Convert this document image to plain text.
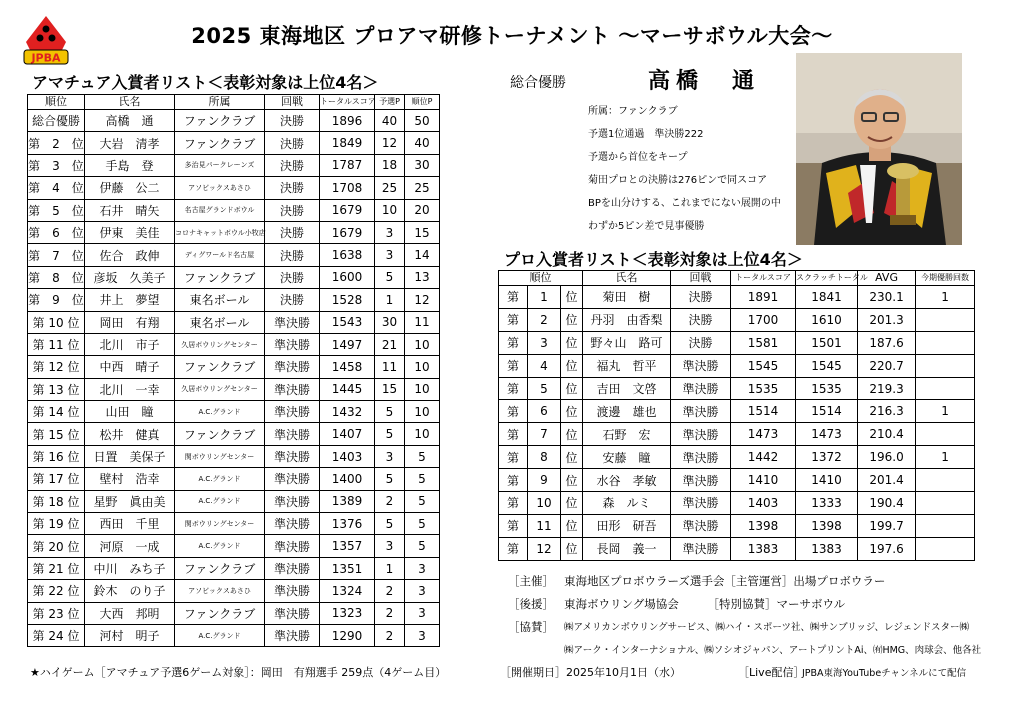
JPBA
2025 東海地区 プロアマ研修トーナメント ～マーサボウル大会～
アマチュア入賞者リスト＜表彰対象は上位4名＞
順位	氏名	所属	回戦	トータルスコア	予選P	順位P
総合優勝	高橋　通	ファンクラブ	決勝	1896	40	50
第　2　位	大岩　清孝	ファンクラブ	決勝	1849	12	40
第　3　位	手島　登	多治見パークレーンズ	決勝	1787	18	30
第　4　位	伊藤　公二	アソビックスあさひ	決勝	1708	25	25
第　5　位	石井　晴矢	名古屋グランドボウル	決勝	1679	10	20
第　6　位	伊東　美佳	コロナキャットボウル小牧店	決勝	1679	3	15
第　7　位	佐合　政伸	ディグワールド名古屋	決勝	1638	3	14
第　8　位	彦坂　久美子	ファンクラブ	決勝	1600	5	13
第　9　位	井上　夢望	東名ボール	決勝	1528	1	12
第 10 位	岡田　有翔	東名ボール	準決勝	1543	30	11
第 11 位	北川　市子	久居ボウリングセンター	準決勝	1497	21	10
第 12 位	中西　晴子	ファンクラブ	準決勝	1458	11	10
第 13 位	北川　一幸	久居ボウリングセンター	準決勝	1445	15	10
第 14 位	山田　瞳	A.C.グランド	準決勝	1432	5	10
第 15 位	松井　健真	ファンクラブ	準決勝	1407	5	10
第 16 位	日置　美保子	関ボウリングセンター	準決勝	1403	3	5
第 17 位	壁村　浩幸	A.C.グランド	準決勝	1400	5	5
第 18 位	星野　眞由美	A.C.グランド	準決勝	1389	2	5
第 19 位	西田　千里	関ボウリングセンター	準決勝	1376	5	5
第 20 位	河原　一成	A.C.グランド	準決勝	1357	3	5
第 21 位	中川　みち子	ファンクラブ	準決勝	1351	1	3
第 22 位	鈴木　のり子	アソビックスあさひ	準決勝	1324	2	3
第 23 位	大西　邦明	ファンクラブ	準決勝	1323	2	3
第 24 位	河村　明子	A.C.グランド	準決勝	1290	2	3
総合優勝	高橋　通
所属：ファンクラブ
予選1位通過　準決勝222
予選から首位をキープ
菊田プロとの決勝は276ピンで同スコア
BPを山分けする、これまでにない展開の中
わずか5ピン差で見事優勝
プロ入賞者リスト＜表彰対象は上位4名＞
順位			氏名	回戦	トータルスコア	スクラッチトータル	AVG	今期優勝回数
第	1	位	菊田　樹	決勝	1891	1841	230.1	1
第	2	位	丹羽　由香梨	決勝	1700	1610	201.3	
第	3	位	野々山　路可	決勝	1581	1501	187.6	
第	4	位	福丸　哲平	準決勝	1545	1545	220.7	
第	5	位	吉田　文啓	準決勝	1535	1535	219.3	
第	6	位	渡邊　雄也	準決勝	1514	1514	216.3	1
第	7	位	石野　宏	準決勝	1473	1473	210.4	
第	8	位	安藤　瞳	準決勝	1442	1372	196.0	1
第	9	位	水谷　孝敏	準決勝	1410	1410	201.4	
第	10	位	森　ルミ	準決勝	1403	1333	190.4	
第	11	位	田形　研吾	準決勝	1398	1398	199.7	
第	12	位	長岡　義一	準決勝	1383	1383	197.6	
［主催］ 東海地区プロボウラーズ選手会［主管運営］出場プロボウラー
［後援］ 東海ボウリング場協会　　　［特別協賛］マーサボウル
［協賛］	㈱アメリカンボウリングサービス、㈱ハイ・スポーツ社、㈱サンブリッジ、レジェンドスター㈱
㈱アーク・インターナショナル、㈱ソシオジャパン、アートプリントAi、㈲HMG、肉球会、他各社
★ハイゲーム［アマチュア予選6ゲーム対象］：岡田　有翔選手 259点（4ゲーム目）	［開催期日］ 2025年10月1日（水）	［Live配信］
JPBA東海YouTubeチャンネルにて配信
